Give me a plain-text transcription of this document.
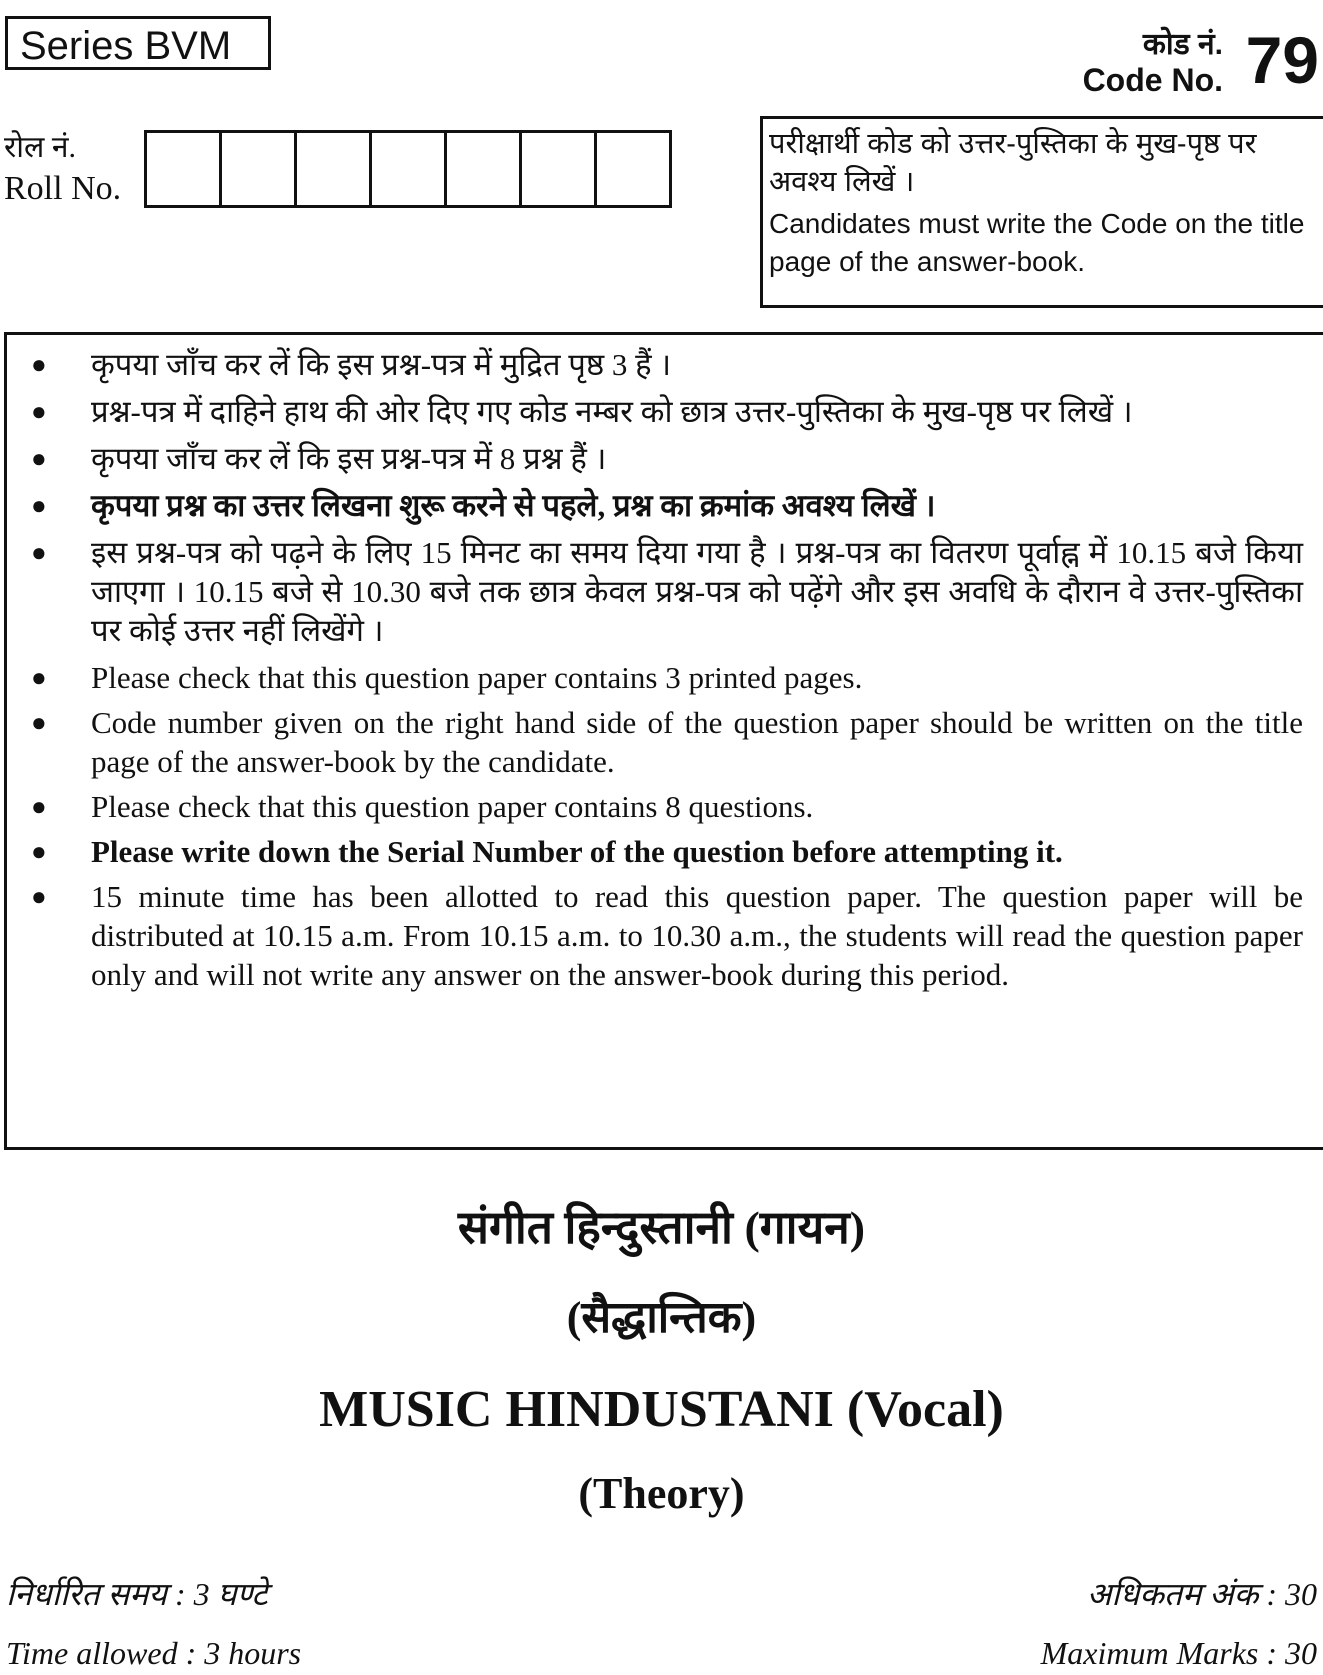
Series BVM	कोड नं.
Code No. 79
रोल नं.
Roll No.
परीक्षार्थी कोड को उत्तर-पुस्तिका के मुख-पृष्ठ पर अवश्य लिखें ।
Candidates must write the Code on the title page of the answer-book.
●	कृपया जाँच कर लें कि इस प्रश्न-पत्र में मुद्रित पृष्ठ 3 हैं ।
●	प्रश्न-पत्र में दाहिने हाथ की ओर दिए गए कोड नम्बर को छात्र उत्तर-पुस्तिका के मुख-पृष्ठ पर लिखें ।
●	कृपया जाँच कर लें कि इस प्रश्न-पत्र में 8 प्रश्न हैं ।
●	कृपया प्रश्न का उत्तर लिखना शुरू करने से पहले, प्रश्न का क्रमांक अवश्य लिखें ।
●	इस प्रश्न-पत्र को पढ़ने के लिए 15 मिनट का समय दिया गया है । प्रश्न-पत्र का वितरण पूर्वाह्न में 10.15 बजे किया जाएगा । 10.15 बजे से 10.30 बजे तक छात्र केवल प्रश्न-पत्र को पढ़ेंगे और इस अवधि के दौरान वे उत्तर-पुस्तिका पर कोई उत्तर नहीं लिखेंगे ।
●	Please check that this question paper contains 3 printed pages.
●	Code number given on the right hand side of the question paper should be written on the title page of the answer-book by the candidate.
●	Please check that this question paper contains 8 questions.
●	Please write down the Serial Number of the question before attempting it.
●	15 minute time has been allotted to read this question paper. The question paper will be distributed at 10.15 a.m. From 10.15 a.m. to 10.30 a.m., the students will read the question paper only and will not write any answer on the answer-book during this period.
संगीत हिन्दुस्तानी (गायन)
(सैद्धान्तिक)
MUSIC HINDUSTANI (Vocal)
(Theory)
निर्धारित समय : 3 घण्टे	अधिकतम अंक : 30
Time allowed : 3 hours	Maximum Marks : 30
